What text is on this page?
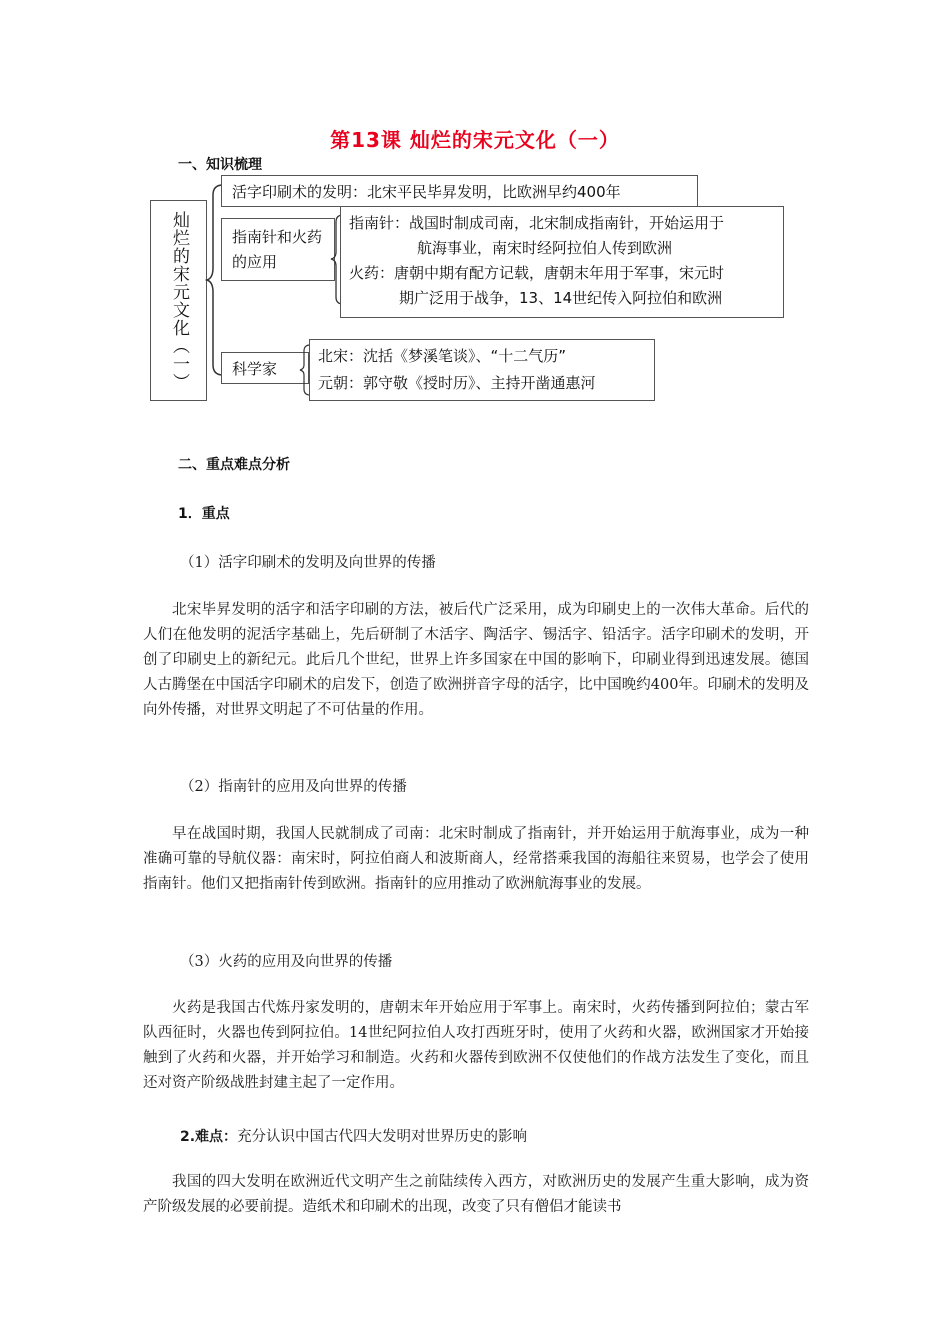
第13课 灿烂的宋元文化（一）
一、知识梳理
灿烂的宋元文化（一）
活字印刷术的发明：北宋平民毕昇发明，比欧洲早约400年
指南针和火药的应用
指南针：战国时制成司南，北宋制成指南针，开始运用于
航海事业，南宋时经阿拉伯人传到欧洲
火药：唐朝中期有配方记载，唐朝末年用于军事，宋元时
期广泛用于战争，13、14世纪传入阿拉伯和欧洲
科学家
北宋：沈括《梦溪笔谈》、“十二气历”
元朝：郭守敬《授时历》、主持开凿通惠河
二、重点难点分析
1．重点
（1）活字印刷术的发明及向世界的传播

北宋毕昇发明的活字和活字印刷的方法，被后代广泛采用，成为印刷史上的一次伟大革命。后代的人们在他发明的泥活字基础上，先后研制了木活字、陶活字、锡活字、铅活字。活字印刷术的发明，开创了印刷史上的新纪元。此后几个世纪，世界上许多国家在中国的影响下，印刷业得到迅速发展。德国人古腾堡在中国活字印刷术的启发下，创造了欧洲拼音字母的活字，比中国晚约400年。印刷术的发明及向外传播，对世界文明起了不可估量的作用。

（2）指南针的应用及向世界的传播

早在战国时期，我国人民就制成了司南：北宋时制成了指南针，并开始运用于航海事业，成为一种准确可靠的导航仪器：南宋时，阿拉伯商人和波斯商人，经常搭乘我国的海船往来贸易，也学会了使用指南针。他们又把指南针传到欧洲。指南针的应用推动了欧洲航海事业的发展。

（3）火药的应用及向世界的传播

火药是我国古代炼丹家发明的，唐朝末年开始应用于军事上。南宋时，火药传播到阿拉伯；蒙古军队西征时，火器也传到阿拉伯。14世纪阿拉伯人攻打西班牙时，使用了火药和火器，欧洲国家才开始接触到了火药和火器，并开始学习和制造。火药和火器传到欧洲不仅使他们的作战方法发生了变化，而且还对资产阶级战胜封建主起了一定作用。

2.难点：充分认识中国古代四大发明对世界历史的影响

我国的四大发明在欧洲近代文明产生之前陆续传入西方，对欧洲历史的发展产生重大影响，成为资产阶级发展的必要前提。造纸术和印刷术的出现，改变了只有僧侣才能读书
